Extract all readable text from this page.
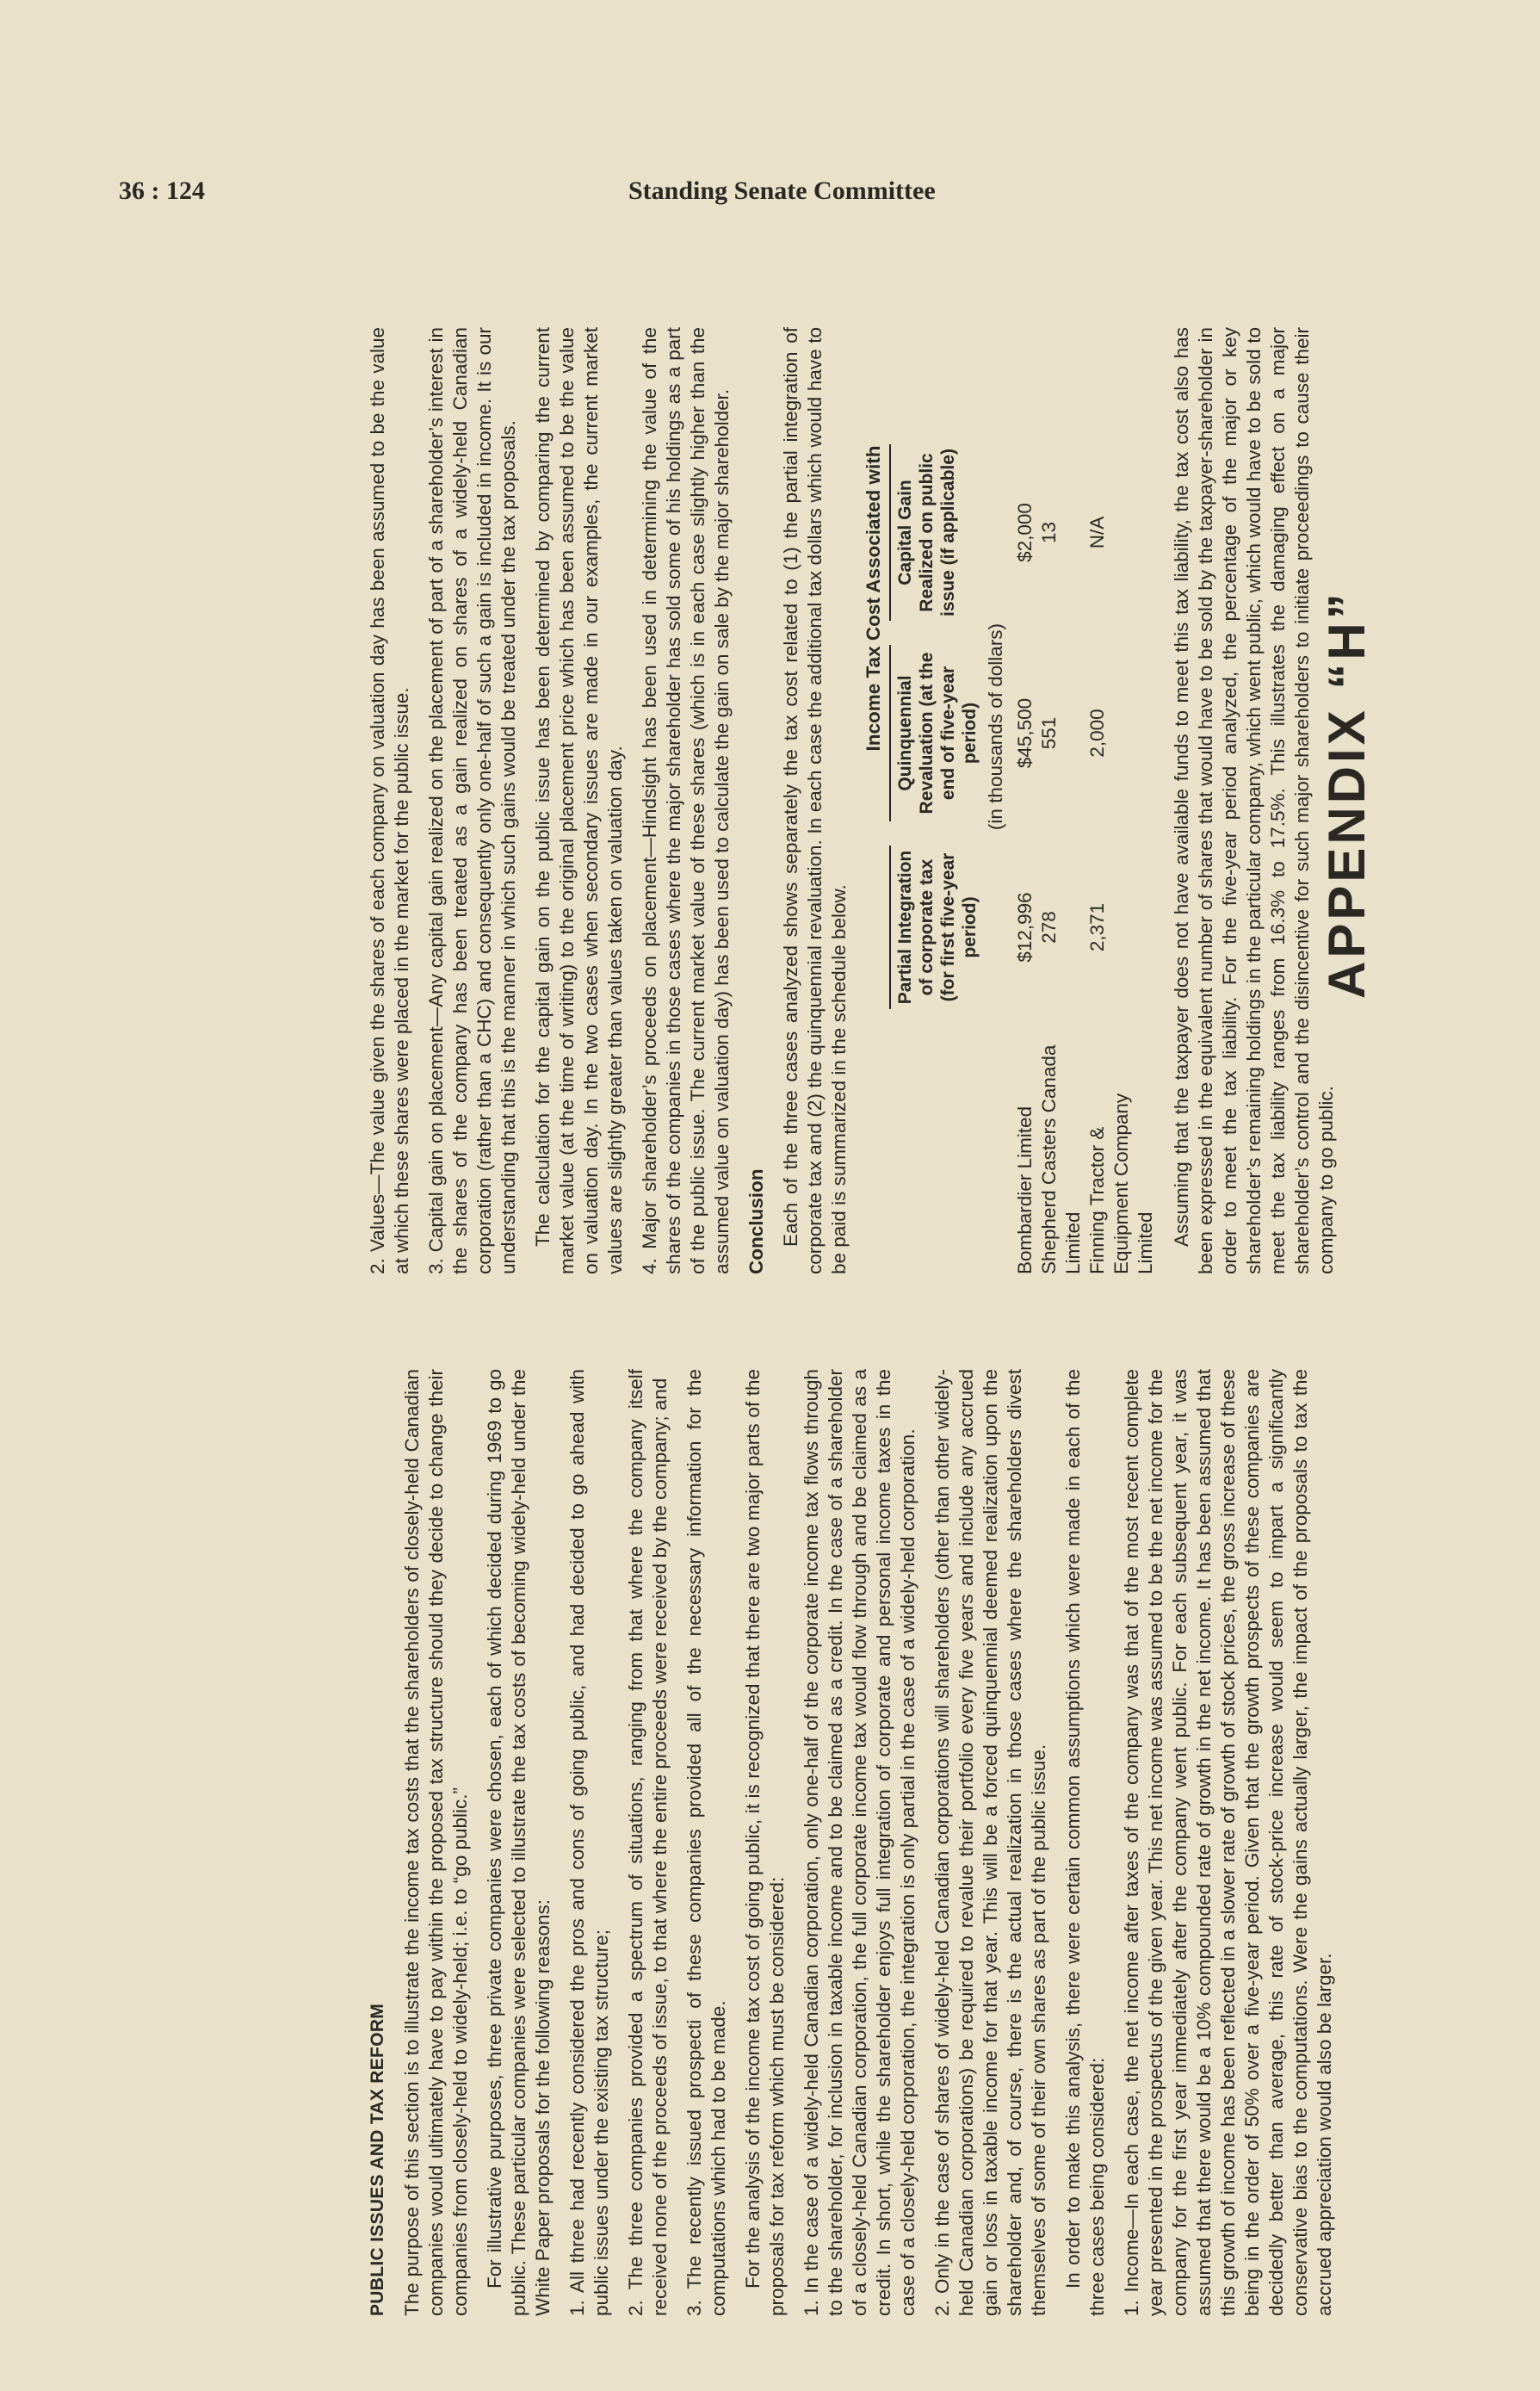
36 : 124	Standing Senate Committee

PUBLIC ISSUES AND TAX REFORM The purpose of this section is to illustrate the income tax costs that the shareholders of closely-held Canadian companies would ultimately have to pay within the proposed tax structure should they decide to change their companies from closely-held to widely-held; i.e. to “go public.” For illustrative purposes, three private companies were chosen, each of which decided during 1969 to go public. These particular companies were selected to illustrate the tax costs of becoming widely-held under the White Paper proposals for the following reasons: 1. All three had recently considered the pros and cons of going public, and had decided to go ahead with public issues under the existing tax structure; 2. The three companies provided a spectrum of situations, ranging from that where the company itself received none of the proceeds of issue, to that where the entire proceeds were received by the company; and 3. The recently issued prospecti of these companies provided all of the necessary information for the computations which had to be made. For the analysis of the income tax cost of going public, it is recognized that there are two major parts of the proposals for tax reform which must be considered: 1. In the case of a widely-held Canadian corporation, only one-half of the corporate income tax flows through to the shareholder, for inclusion in taxable income and to be claimed as a credit. In the case of a shareholder of a closely-held Canadian corporation, the full corporate income tax would flow through and be claimed as a credit. In short, while the shareholder enjoys full integration of corporate and personal income taxes in the case of a closely-held corporation, the integration is only partial in the case of a widely-held corporation. 2. Only in the case of shares of widely-held Canadian corporations will shareholders (other than other widely-held Canadian corporations) be required to revalue their portfolio every five years and include any accrued gain or loss in taxable income for that year. This will be a forced quinquennial deemed realization upon the shareholder and, of course, there is the actual realization in those cases where the shareholders divest themselves of some of their own shares as part of the public issue. In order to make this analysis, there were certain common assumptions which were made in each of the three cases being considered: 1. Income—In each case, the net income after taxes of the company was that of the most recent complete year presented in the prospectus of the given year. This net income was assumed to be the net income for the company for the first year immediately after the company went public. For each subsequent year, it was assumed that there would be a 10% compounded rate of growth in the net income. It has been assumed that this growth of income has been reflected in a slower rate of growth of stock prices, the gross increase of these being in the order of 50% over a five-year period. Given that the growth prospects of these companies are decidedly better than average, this rate of stock-price increase would seem to impart a significantly conservative bias to the computations. Were the gains actually larger, the impact of the proposals to tax the accrued appreciation would also be larger.

2. Values—The value given the shares of each company on valuation day has been assumed to be the value at which these shares were placed in the market for the public issue. 3. Capital gain on placement—Any capital gain realized on the placement of part of a shareholder’s interest in the shares of the company has been treated as a gain realized on shares of a widely-held Canadian corporation (rather than a CHC) and consequently only one-half of such a gain is included in income. It is our understanding that this is the manner in which such gains would be treated under the tax proposals. The calculation for the capital gain on the public issue has been determined by comparing the current market value (at the time of writing) to the original placement price which has been assumed to be the value on valuation day. In the two cases when secondary issues are made in our examples, the current market values are slightly greater than values taken on valuation day. 4. Major shareholder’s proceeds on placement—Hindsight has been used in determining the value of the shares of the companies in those cases where the major shareholder has sold some of his holdings as a part of the public issue. The current market value of these shares (which is in each case slightly higher than the assumed value on valuation day) has been used to calculate the gain on sale by the major shareholder. Conclusion Each of the three cases analyzed shows separately the tax cost related to (1) the partial integration of corporate tax and (2) the quinquennial revaluation. In each case the additional tax dollars which would have to be paid is summarized in the schedule below.

Income Tax Cost Associated with
Partial Integration of corporate tax (for first five-year period)
Quinquennial Revaluation (at the end of five-year period)
Capital Gain Realized on public issue (if applicable)
(in thousands of dollars)
Bombardier Limited
$12,996
$45,500
$2,000
Shepherd Casters Canada Limited
278
551
13
Finning Tractor & Equipment Company Limited
2,371
2,000
N/A	Assuming that the taxpayer does not have available funds to meet this tax liability, the tax cost also has been expressed in the equivalent number of shares that would have to be sold by the taxpayer-shareholder in order to meet the tax liability. For the five-year period analyzed, the percentage of the major or key shareholder’s remaining holdings in the particular company, which went public, which would have to be sold to meet the tax liability ranges from 16.3% to 17.5%. This illustrates the damaging effect on a major shareholder’s control and the disincentive for such major shareholders to initiate proceedings to cause their company to go public.

APPENDIX “H”
